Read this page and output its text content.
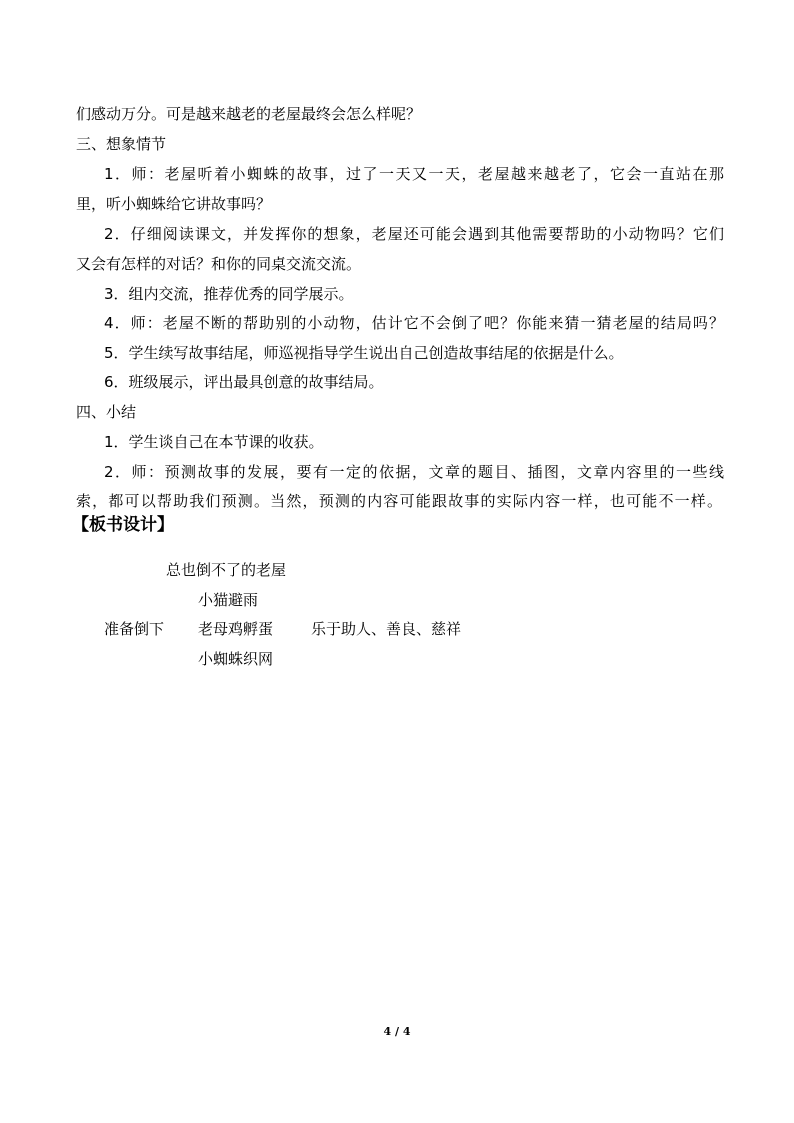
们感动万分。可是越来越老的老屋最终会怎么样呢？
三、想象情节
1．师：老屋听着小蜘蛛的故事，过了一天又一天，老屋越来越老了，它会一直站在那
里，听小蜘蛛给它讲故事吗？
2．仔细阅读课文，并发挥你的想象，老屋还可能会遇到其他需要帮助的小动物吗？它们
又会有怎样的对话？和你的同桌交流交流。
3．组内交流，推荐优秀的同学展示。
4．师：老屋不断的帮助别的小动物，估计它不会倒了吧？你能来猜一猜老屋的结局吗？
5．学生续写故事结尾，师巡视指导学生说出自己创造故事结尾的依据是什么。
6．班级展示，评出最具创意的故事结局。
四、小结
1．学生谈自己在本节课的收获。
2．师：预测故事的发展，要有一定的依据，文章的题目、插图，文章内容里的一些线
索，都可以帮助我们预测。当然，预测的内容可能跟故事的实际内容一样，也可能不一样。
【板书设计】
总也倒不了的老屋
小猫避雨
准备倒下 老母鸡孵蛋	乐于助人、善良、慈祥
小蜘蛛织网
4 / 4
